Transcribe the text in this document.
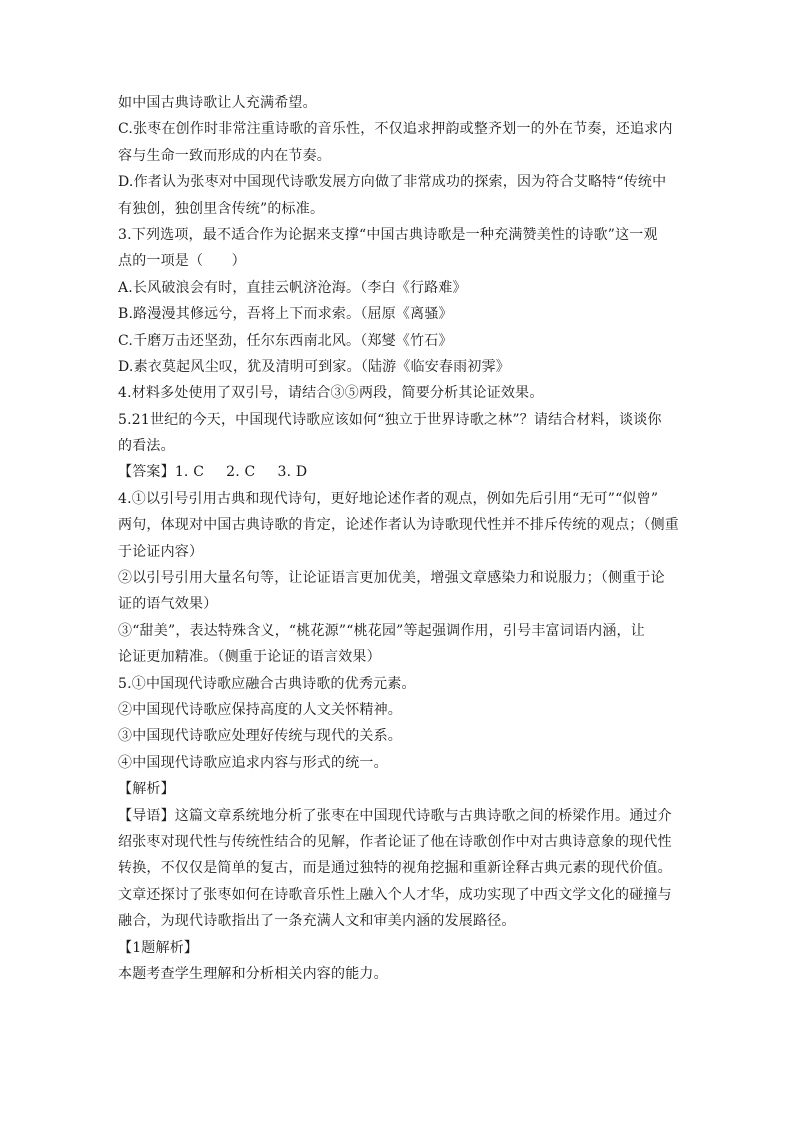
如中国古典诗歌让人充满希望。
C.张枣在创作时非常注重诗歌的音乐性，不仅追求押韵或整齐划一的外在节奏，还追求内
容与生命一致而形成的内在节奏。
D.作者认为张枣对中国现代诗歌发展方向做了非常成功的探索，因为符合艾略特“传统中
有独创，独创里含传统”的标准。
3.下列选项，最不适合作为论据来支撑“中国古典诗歌是一种充满赞美性的诗歌”这一观
点的一项是（　　）
A.长风破浪会有时，直挂云帆济沧海。（李白《行路难》
B.路漫漫其修远兮，吾将上下而求索。（屈原《离骚》
C.千磨万击还坚劲，任尔东西南北风。（郑燮《竹石》
D.素衣莫起风尘叹，犹及清明可到家。（陆游《临安春雨初霁》
4.材料多处使用了双引号，请结合③⑤两段，简要分析其论证效果。
5.21世纪的今天，中国现代诗歌应该如何“独立于世界诗歌之林”？请结合材料，谈谈你
的看法。
【答案】1. C 2. C 3. D
4.①以引号引用古典和现代诗句，更好地论述作者的观点，例如先后引用“无可”“似曾”
两句，体现对中国古典诗歌的肯定，论述作者认为诗歌现代性并不排斥传统的观点；（侧重
于论证内容）
②以引号引用大量名句等，让论证语言更加优美，增强文章感染力和说服力；（侧重于论
证的语气效果）
③“甜美”，表达特殊含义，“桃花源”“桃花园”等起强调作用，引号丰富词语内涵，让
论证更加精准。（侧重于论证的语言效果）
5.①中国现代诗歌应融合古典诗歌的优秀元素。
②中国现代诗歌应保持高度的人文关怀精神。
③中国现代诗歌应处理好传统与现代的关系。
④中国现代诗歌应追求内容与形式的统一。
【解析】
【导语】这篇文章系统地分析了张枣在中国现代诗歌与古典诗歌之间的桥梁作用。通过介
绍张枣对现代性与传统性结合的见解，作者论证了他在诗歌创作中对古典诗意象的现代性
转换，不仅仅是简单的复古，而是通过独特的视角挖掘和重新诠释古典元素的现代价值。
文章还探讨了张枣如何在诗歌音乐性上融入个人才华，成功实现了中西文学文化的碰撞与
融合，为现代诗歌指出了一条充满人文和审美内涵的发展路径。
【1题解析】
本题考查学生理解和分析相关内容的能力。
